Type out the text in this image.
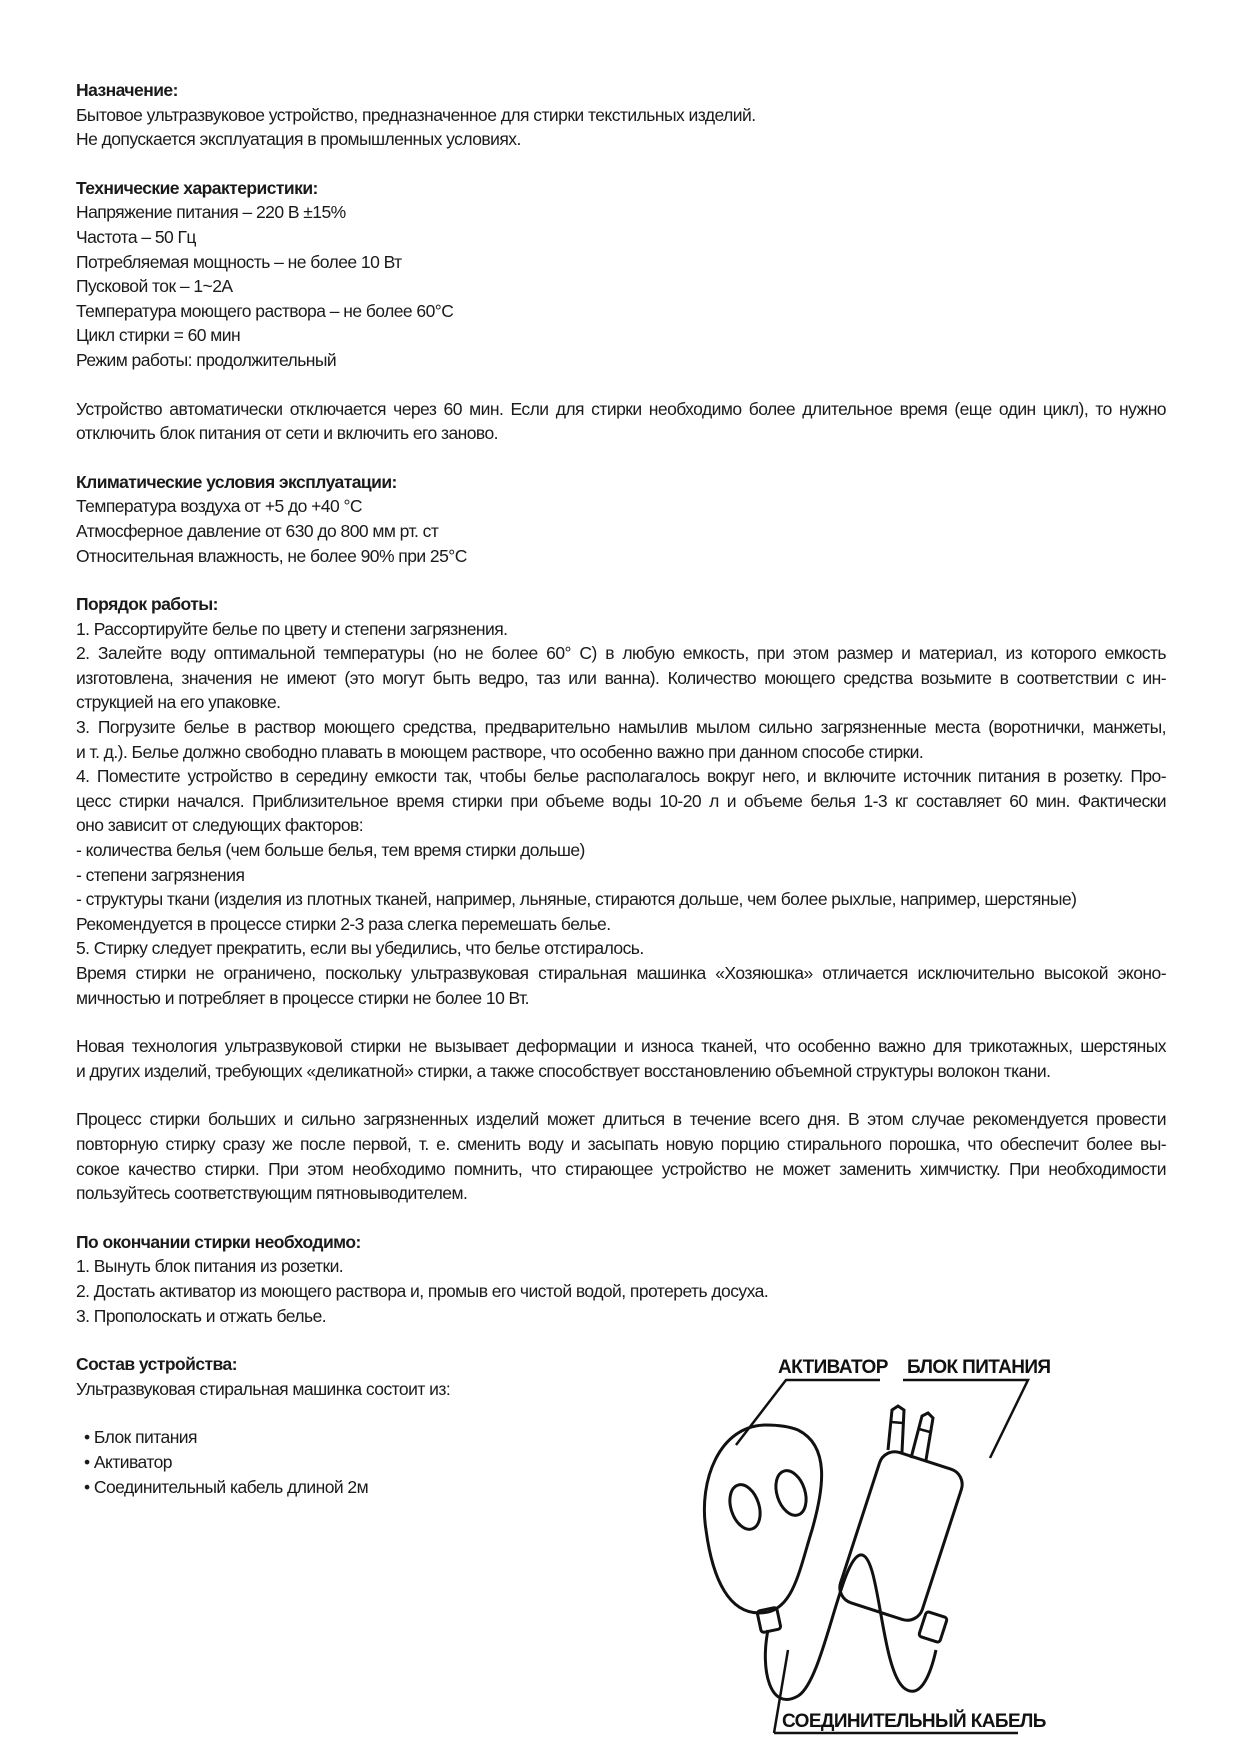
Назначение:
Бытовое ультразвуковое устройство, предназначенное для стирки текстильных изделий.
Не допускается эксплуатация в промышленных условиях.
Технические характеристики:
Напряжение питания – 220 В ±15%
Частота – 50 Гц
Потребляемая мощность – не более 10 Вт
Пусковой ток – 1~2А
Температура моющего раствора – не более 60°С
Цикл стирки = 60 мин
Режим работы: продолжительный
Устройство автоматически отключается через 60 мин. Если для стирки необходимо более длительное время (еще один цикл), то нужно
отключить блок питания от сети и включить его заново.
Климатические условия эксплуатации:
Температура воздуха от +5 до +40 °С
Атмосферное давление от 630 до 800 мм рт. ст
Относительная влажность, не более 90% при 25°С
Порядок работы:
1. Рассортируйте белье по цвету и степени загрязнения.
2. Залейте воду оптимальной температуры (но не более 60° С) в любую емкость, при этом размер и материал, из которого емкость
изготовлена, значения не имеют (это могут быть ведро, таз или ванна). Количество моющего средства возьмите в соответствии с ин-
струкцией на его упаковке.
3. Погрузите белье в раствор моющего средства, предварительно намылив мылом сильно загрязненные места (воротнички, манжеты,
и т. д.). Белье должно свободно плавать в моющем растворе, что особенно важно при данном способе стирки.
4. Поместите устройство в середину емкости так, чтобы белье располагалось вокруг него, и включите источник питания в розетку. Про-
цесс стирки начался. Приблизительное время стирки при объеме воды 10-20 л и объеме белья 1-3 кг составляет 60 мин. Фактически
оно зависит от следующих факторов:
- количества белья (чем больше белья, тем время стирки дольше)
- степени загрязнения
- структуры ткани (изделия из плотных тканей, например, льняные, стираются дольше, чем более рыхлые, например, шерстяные)
Рекомендуется в процессе стирки 2-3 раза слегка перемешать белье.
5. Стирку следует прекратить, если вы убедились, что белье отстиралось.
Время стирки не ограничено, поскольку ультразвуковая стиральная машинка «Хозяюшка» отличается исключительно высокой эконо-
мичностью и потребляет в процессе стирки не более 10 Вт.
Новая технология ультразвуковой стирки не вызывает деформации и износа тканей, что особенно важно для трикотажных, шерстяных
и других изделий, требующих «деликатной» стирки, а также способствует восстановлению объемной структуры волокон ткани.
Процесс стирки больших и сильно загрязненных изделий может длиться в течение всего дня. В этом случае рекомендуется провести
повторную стирку сразу же после первой, т. е. сменить воду и засыпать новую порцию стирального порошка, что обеспечит более вы-
сокое качество стирки. При этом необходимо помнить, что стирающее устройство не может заменить химчистку. При необходимости
пользуйтесь соответствующим пятновыводителем.
По окончании стирки необходимо:
1. Вынуть блок питания из розетки.
2. Достать активатор из моющего раствора и, промыв его чистой водой, протереть досуха.
3. Прополоскать и отжать белье.
Состав устройства:
Ультразвуковая стиральная машинка состоит из:
• Блок питания
• Активатор
• Соединительный кабель длиной 2м
АКТИВАТОР БЛОК ПИТАНИЯ
СОЕДИНИТЕЛЬНЫЙ КАБЕЛЬ
